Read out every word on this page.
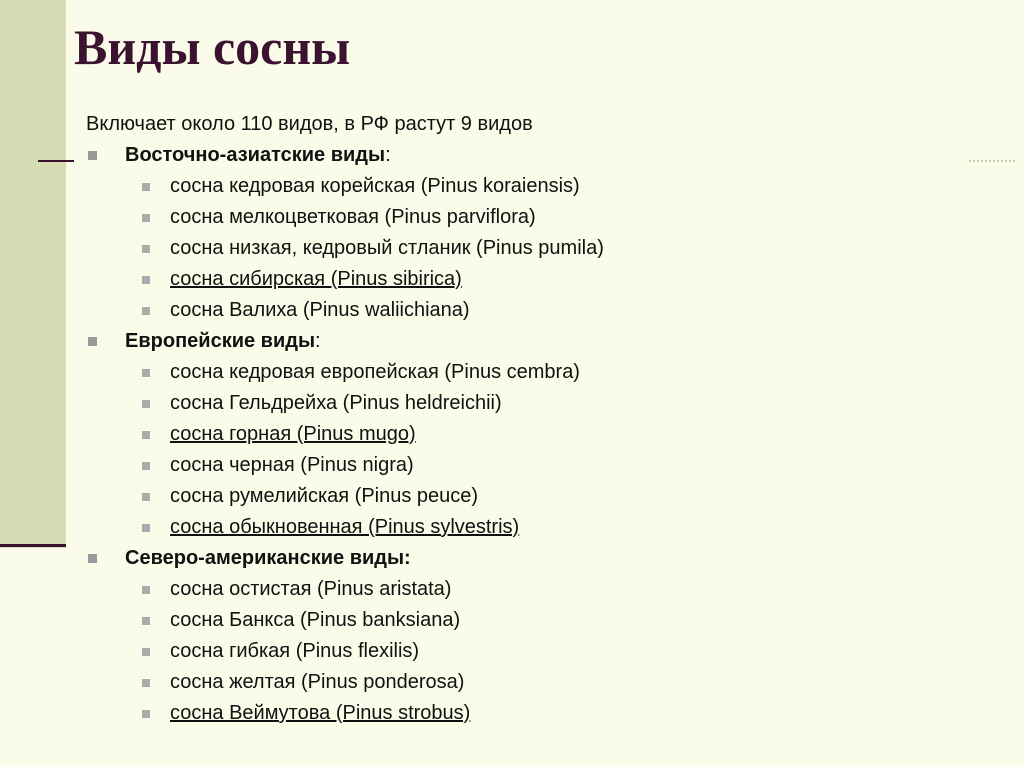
Виды сосны

Включает около 110 видов, в РФ растут 9 видов

Восточно-азиатские виды:
сосна кедровая корейская (Pinus koraiensis)
сосна мелкоцветковая (Pinus parviflora)
сосна низкая, кедровый стланик (Pinus pumila)
сосна сибирская (Pinus sibirica)
сосна Валиха (Pinus waliichiana)
Европейские виды:
сосна кедровая европейская (Pinus cembra)
сосна Гельдрейха (Pinus heldreichii)
сосна горная (Pinus mugo)
сосна черная (Pinus nigra)
сосна румелийская (Pinus peuce)
сосна обыкновенная (Pinus sylvestris)
Северо-американские виды:
сосна остистая (Pinus aristata)
сосна Банкса (Pinus banksiana)
сосна гибкая (Pinus flexilis)
сосна желтая (Pinus ponderosa)
сосна Веймутова (Pinus strobus)
